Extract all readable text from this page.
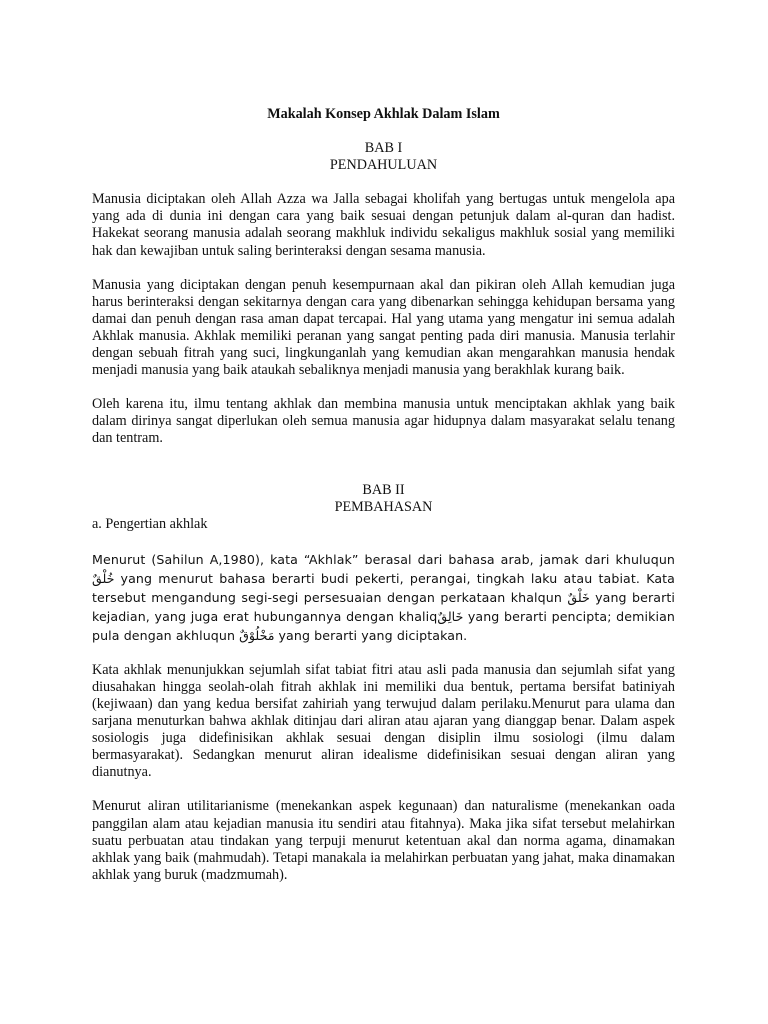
Makalah Konsep Akhlak Dalam Islam
BAB I
PENDAHULUAN

Manusia diciptakan oleh Allah Azza wa Jalla sebagai kholifah yang bertugas untuk mengelola apa yang ada di dunia ini dengan cara yang baik sesuai dengan petunjuk dalam al-quran dan hadist. Hakekat seorang manusia adalah seorang makhluk individu sekaligus makhluk sosial yang memiliki hak dan kewajiban untuk saling berinteraksi dengan sesama manusia.

Manusia yang diciptakan dengan penuh kesempurnaan akal dan pikiran oleh Allah kemudian juga harus berinteraksi dengan sekitarnya dengan cara yang dibenarkan sehingga kehidupan bersama yang damai dan penuh dengan rasa aman dapat tercapai. Hal yang utama yang mengatur ini semua adalah Akhlak manusia. Akhlak memiliki peranan yang sangat penting pada diri manusia. Manusia terlahir dengan sebuah fitrah yang suci, lingkunganlah yang kemudian akan mengarahkan manusia hendak menjadi manusia yang baik ataukah sebaliknya menjadi manusia yang berakhlak kurang baik.

Oleh karena itu, ilmu tentang akhlak dan membina manusia untuk menciptakan akhlak yang baik dalam dirinya sangat diperlukan oleh semua manusia agar hidupnya dalam masyarakat selalu tenang dan tentram.

BAB II
PEMBAHASAN
a. Pengertian akhlak

Menurut (Sahilun A,1980), kata “Akhlak” berasal dari bahasa arab, jamak dari khuluqun خُلْقٌ yang menurut bahasa berarti budi pekerti, perangai, tingkah laku atau tabiat. Kata tersebut mengandung segi-segi persesuaian dengan perkataan khalqun خَلْقٌ yang berarti kejadian, yang juga erat hubungannya dengan khaliqخَالِقٌ yang berarti pencipta; demikian pula dengan akhluqun مَخْلُوْقٌ yang berarti yang diciptakan.

Kata akhlak menunjukkan sejumlah sifat tabiat fitri atau asli pada manusia dan sejumlah sifat yang diusahakan hingga seolah-olah fitrah akhlak ini memiliki dua bentuk, pertama bersifat batiniyah (kejiwaan) dan yang kedua bersifat zahiriah yang terwujud dalam perilaku.Menurut para ulama dan sarjana menuturkan bahwa akhlak ditinjau dari aliran atau ajaran yang dianggap benar. Dalam aspek sosiologis juga didefinisikan akhlak sesuai dengan disiplin ilmu sosiologi (ilmu dalam bermasyarakat). Sedangkan menurut aliran idealisme didefinisikan sesuai dengan aliran yang dianutnya.

Menurut aliran utilitarianisme (menekankan aspek kegunaan) dan naturalisme (menekankan oada panggilan alam atau kejadian manusia itu sendiri atau fitahnya). Maka jika sifat tersebut melahirkan suatu perbuatan atau tindakan yang terpuji menurut ketentuan akal dan norma agama, dinamakan akhlak yang baik (mahmudah). Tetapi manakala ia melahirkan perbuatan yang jahat, maka dinamakan akhlak yang buruk (madzmumah).
